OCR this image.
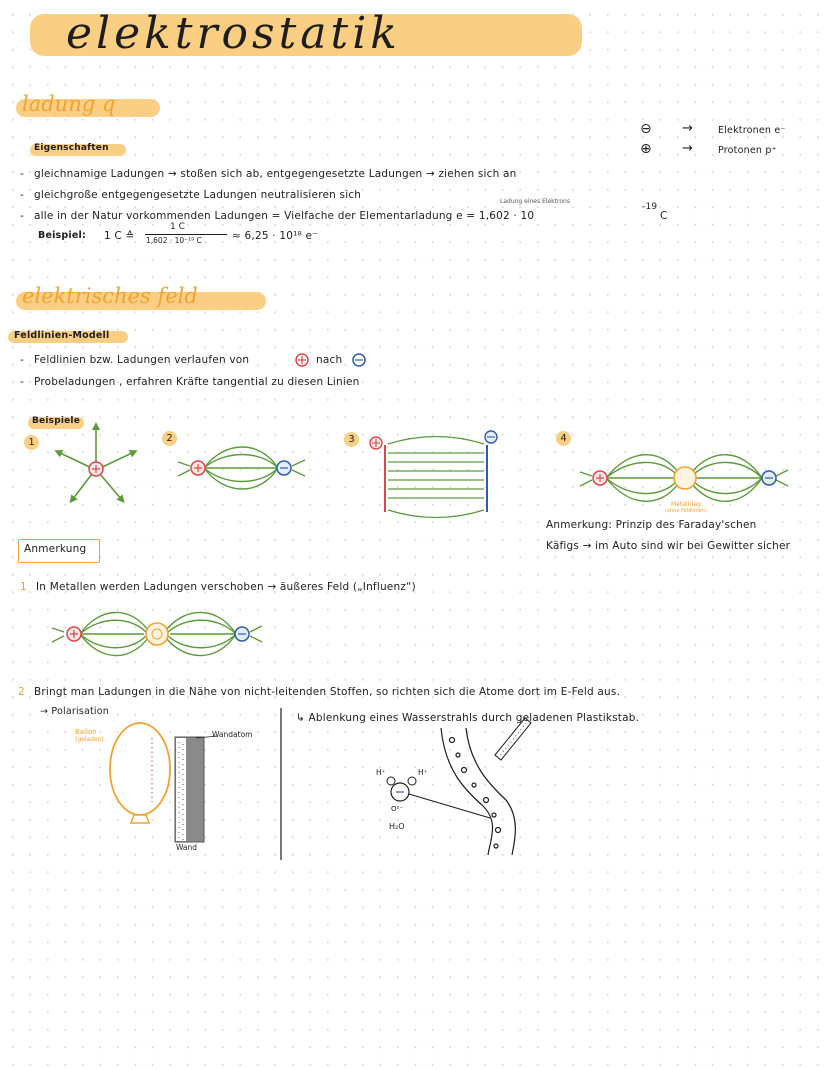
elektrostatik
ladung q
Eigenschaften
⊖ →	Elektronen e⁻
⊕ →	Protonen p⁺
- gleichnamige Ladungen → stoßen sich ab, entgegengesetzte Ladungen → ziehen sich an
- gleichgroße entgegengesetzte Ladungen neutralisieren sich
Ladung eines Elektrons
- alle in der Natur vorkommenden Ladungen = Vielfache der Elementarladung e = 1,602 · 10
-19
C
Beispiel: 1 C ≙
1 C
1,602 · 10⁻¹⁹ C	≈ 6,25 · 10¹⁸ e⁻
elektrisches feld
Feldlinien-Modell
- Feldlinien bzw. Ladungen verlaufen von	nach
- Probeladungen , erfahren Kräfte tangential zu diesen Linien
Beispiele
1	2	3	4
Metallring
(ohne Feldlinien)
Anmerkung: Prinzip des Faraday'schen
Käfigs → im Auto sind wir bei Gewitter sicher
Anmerkung
1 In Metallen werden Ladungen verschoben → äußeres Feld („Influenz“)
2 Bringt man Ladungen in die Nähe von nicht-leitenden Stoffen, so richten sich die Atome dort im E-Feld aus.
→ Polarisation
Ballon
(geladen)
Wandatom
Wand
↳ Ablenkung eines Wasserstrahls durch geladenen Plastikstab.
H⁺	H⁺
O²⁻
H₂O
